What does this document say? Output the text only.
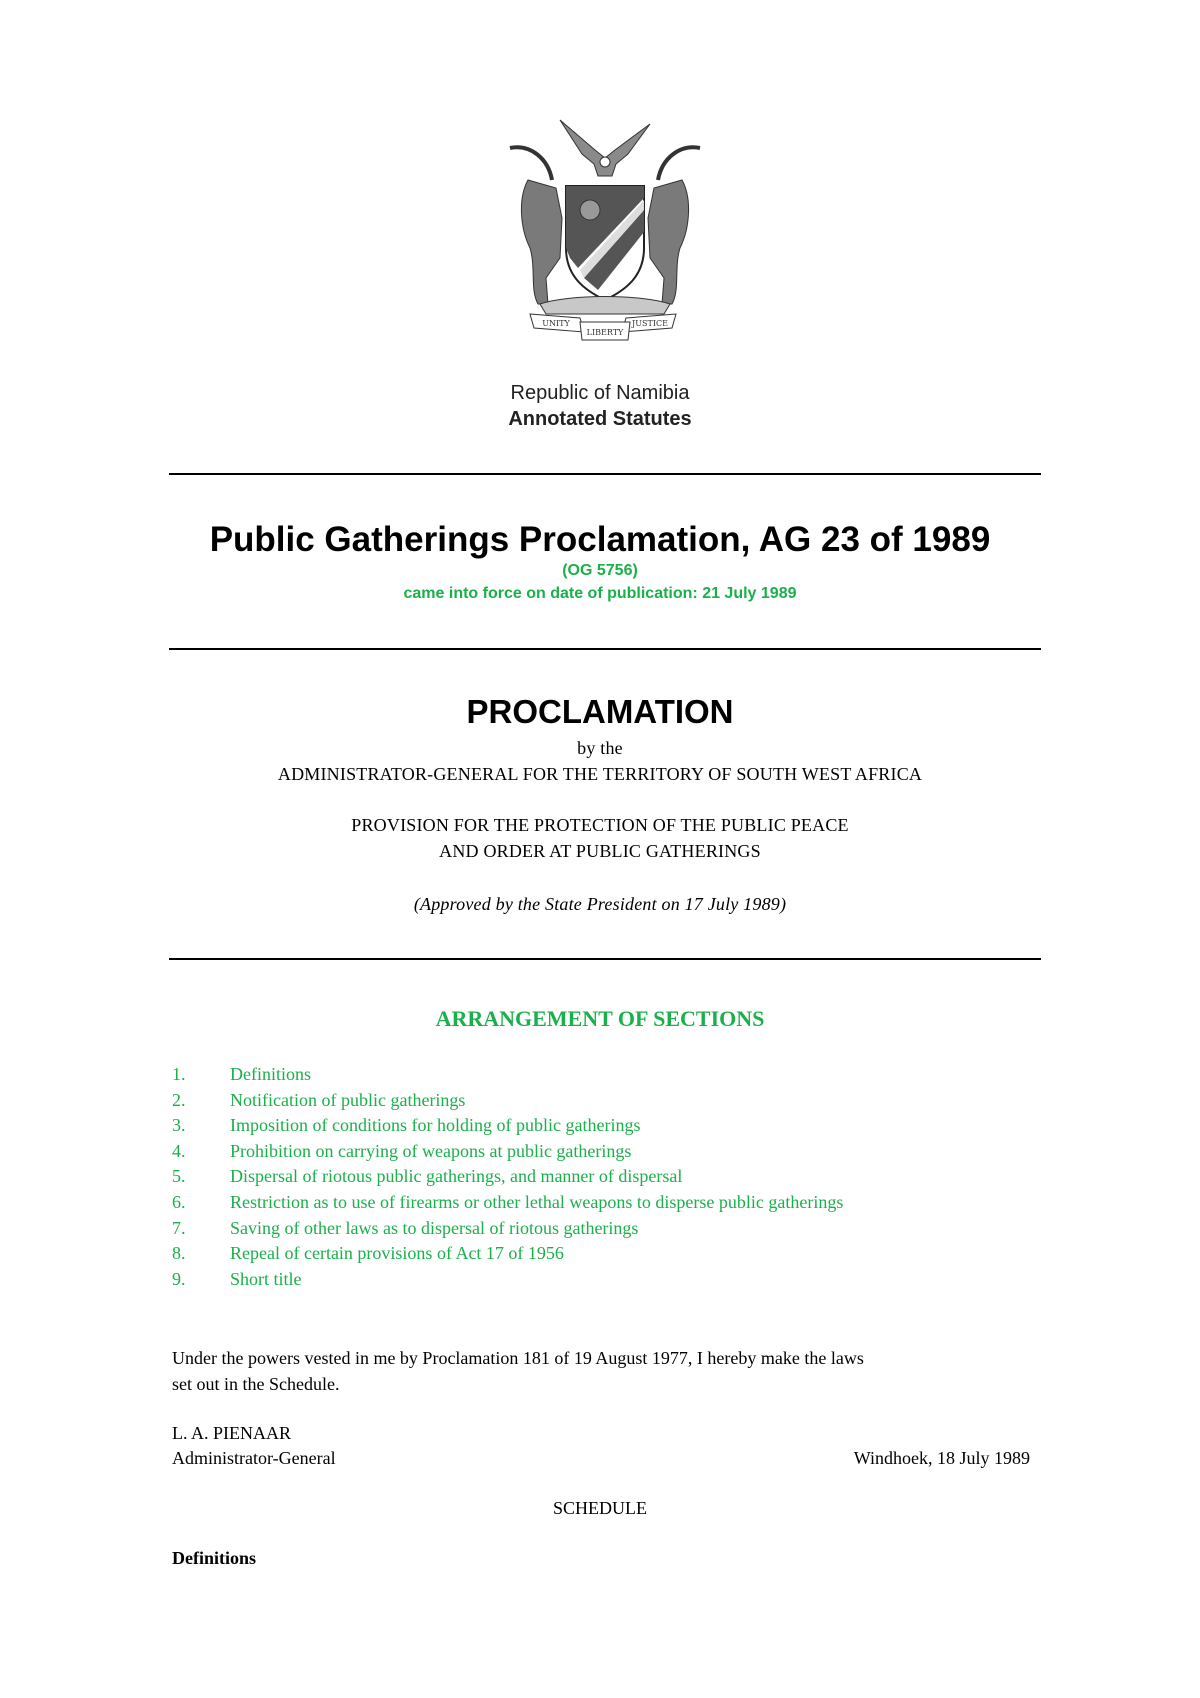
UNITY
LIBERTY
JUSTICE
Republic of Namibia
Annotated Statutes
Public Gatherings Proclamation, AG 23 of 1989
(OG 5756)
came into force on date of publication: 21 July 1989
PROCLAMATION
by the
ADMINISTRATOR-GENERAL FOR THE TERRITORY OF SOUTH WEST AFRICA
PROVISION FOR THE PROTECTION OF THE PUBLIC PEACE
AND ORDER AT PUBLIC GATHERINGS
(Approved by the State President on 17 July 1989)
ARRANGEMENT OF SECTIONS
1.	Definitions
2.	Notification of public gatherings
3.	Imposition of conditions for holding of public gatherings
4.	Prohibition on carrying of weapons at public gatherings
5.	Dispersal of riotous public gatherings, and manner of dispersal
6.	Restriction as to use of firearms or other lethal weapons to disperse public gatherings
7.	Saving of other laws as to dispersal of riotous gatherings
8.	Repeal of certain provisions of Act 17 of 1956
9.	Short title
Under the powers vested in me by Proclamation 181 of 19 August 1977, I hereby make the laws
set out in the Schedule.
L. A. PIENAAR
Administrator-General	Windhoek, 18 July 1989
SCHEDULE
Definitions
